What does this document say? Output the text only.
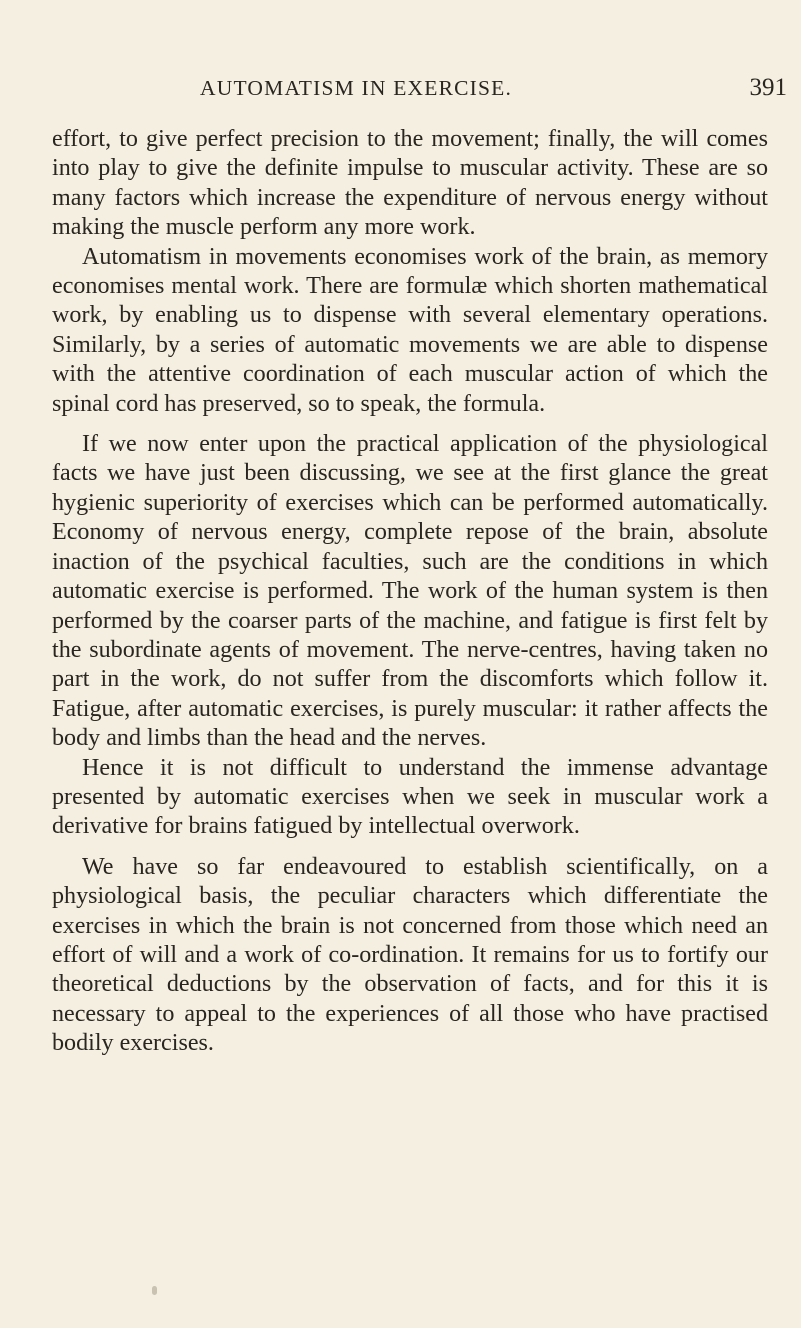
AUTOMATISM IN EXERCISE.	391

effort, to give perfect precision to the movement; finally, the will comes into play to give the definite impulse to muscular activity. These are so many factors which increase the expenditure of nervous energy without making the muscle perform any more work.

Automatism in movements economises work of the brain, as memory economises mental work. There are formulæ which shorten mathematical work, by enabling us to dispense with several elementary operations. Similarly, by a series of automatic movements we are able to dispense with the attentive coordination of each muscular action of which the spinal cord has preserved, so to speak, the formula.

If we now enter upon the practical application of the physiological facts we have just been discussing, we see at the first glance the great hygienic superiority of exercises which can be performed automatically. Economy of nervous energy, complete repose of the brain, absolute inaction of the psychical faculties, such are the conditions in which automatic exercise is performed. The work of the human system is then performed by the coarser parts of the machine, and fatigue is first felt by the subordinate agents of movement. The nerve-centres, having taken no part in the work, do not suffer from the discomforts which follow it. Fatigue, after automatic exercises, is purely muscular: it rather affects the body and limbs than the head and the nerves.

Hence it is not difficult to understand the immense advantage presented by automatic exercises when we seek in muscular work a derivative for brains fatigued by intellectual overwork.

We have so far endeavoured to establish scientifically, on a physiological basis, the peculiar characters which differentiate the exercises in which the brain is not concerned from those which need an effort of will and a work of co-ordination. It remains for us to fortify our theoretical deductions by the observation of facts, and for this it is necessary to appeal to the experiences of all those who have practised bodily exercises.
